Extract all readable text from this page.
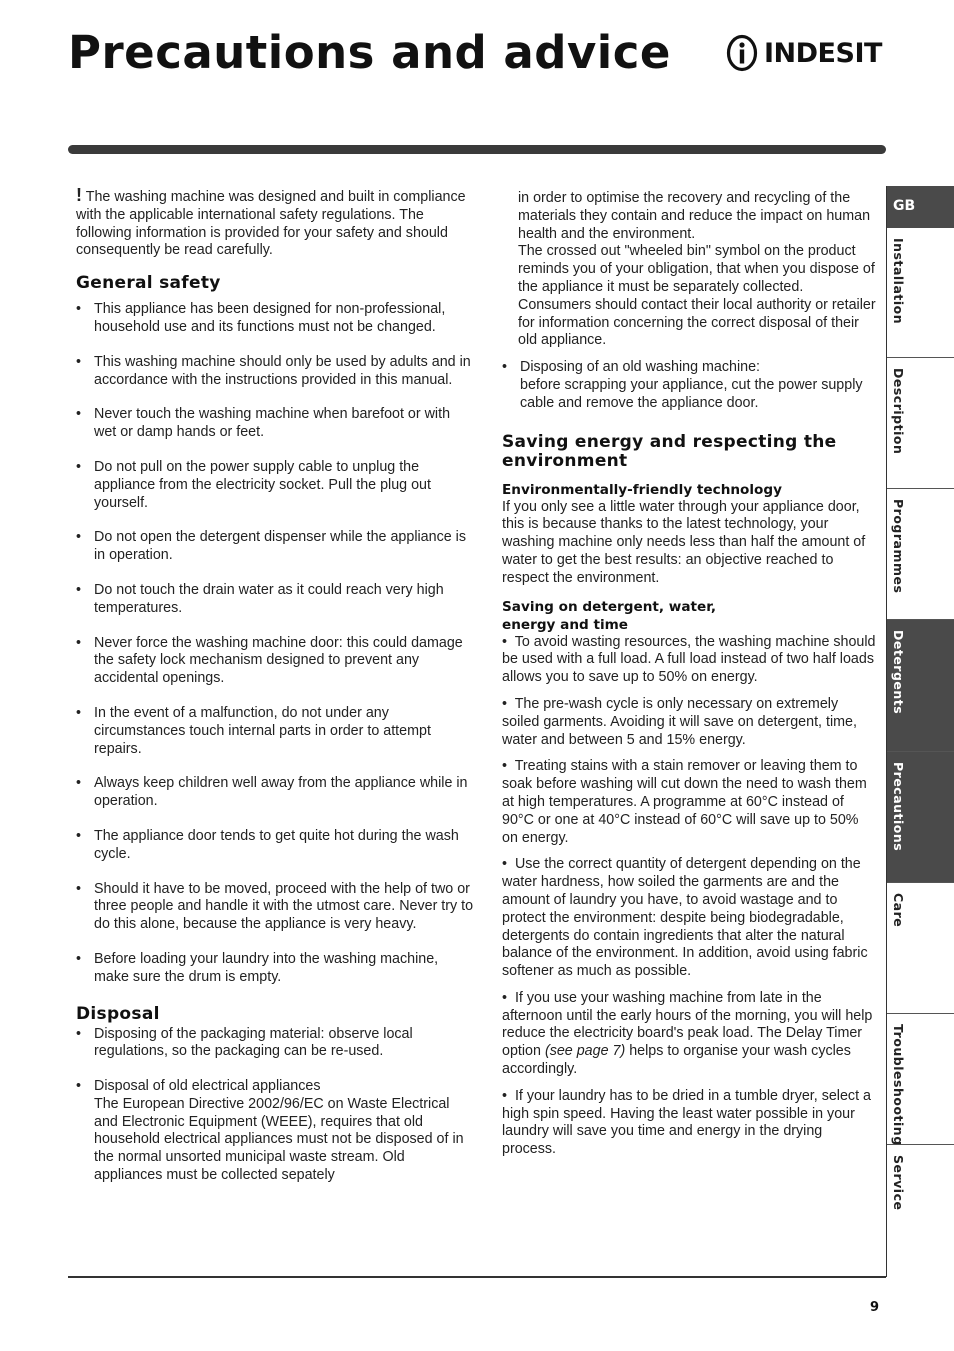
Precautions and advice	INDESIT

! The washing machine was designed and built in compliance with the applicable international safety regulations. The following information is provided for your safety and should consequently be read carefully.

General safety
• This appliance has been designed for non-professional, household use and its functions must not be changed.
• This washing machine should only be used by adults and in accordance with the instructions provided in this manual.
• Never touch the washing machine when barefoot or with wet or damp hands or feet.
• Do not pull on the power supply cable to unplug the appliance from the electricity socket. Pull the plug out yourself.
• Do not open the detergent dispenser while the appliance is in operation.
• Do not touch the drain water as it could reach very high temperatures.
• Never force the washing machine door: this could damage the safety lock mechanism designed to prevent any accidental openings.
• In the event of a malfunction, do not under any circumstances touch internal parts in order to attempt repairs.
• Always keep children well away from the appliance while in operation.
• The appliance door tends to get quite hot during the wash cycle.
• Should it have to be moved, proceed with the help of two or three people and handle it with the utmost care. Never try to do this alone, because the appliance is very heavy.
• Before loading your laundry into the washing machine, make sure the drum is empty.
Disposal
• Disposing of the packaging material: observe local regulations, so the packaging can be re-used.
• Disposal of old electrical appliances
The European Directive 2002/96/EC on Waste Electrical and Electronic Equipment (WEEE), requires that old household electrical appliances must not be disposed of in the normal unsorted municipal waste stream. Old appliances must be collected sepately

in order to optimise the recovery and recycling of the materials they contain and reduce the impact on human health and the environment.

The crossed out "wheeled bin" symbol on the product reminds you of your obligation, that when you dispose of the appliance it must be separately collected.

Consumers should contact their local authority or retailer for information concerning the correct disposal of their old appliance.

• Disposing of an old washing machine:
before scrapping your appliance, cut the power supply cable and remove the appliance door.
Saving energy and respecting the environment
Environmentally-friendly technology

If you only see a little water through your appliance door, this is because thanks to the latest technology, your washing machine only needs less than half the amount of water to get the best results: an objective reached to respect the environment.

Saving on detergent, water,
energy and time

•  To avoid wasting resources, the washing machine should be used with a full load. A full load instead of two half loads allows you to save up to 50% on energy.

•  The pre-wash cycle is only necessary on extremely soiled garments. Avoiding it will save on detergent, time, water and between 5 and 15% energy.

•  Treating stains with a stain remover or leaving them to soak before washing will cut down the need to wash them at high temperatures. A programme at 60°C instead of 90°C or one at 40°C instead of 60°C will save up to 50% on energy.

•  Use the correct quantity of detergent depending on the water hardness, how soiled the garments are and the amount of laundry you have, to avoid wastage and to protect the environment: despite being biodegradable, detergents do contain ingredients that alter the natural balance of the environment. In addition, avoid using fabric softener as much as possible.

•  If you use your washing machine from late in the afternoon until the early hours of the morning, you will help reduce the electricity board's peak load. The Delay Timer option (see page 7) helps to organise your wash cycles accordingly.

•  If your laundry has to be dried in a tumble dryer, select a high spin speed. Having the least water possible in your laundry will save you time and energy in the drying process.

GB
Installation
Description
Programmes
Detergents
Precautions
Care
Troubleshooting
Service
9
